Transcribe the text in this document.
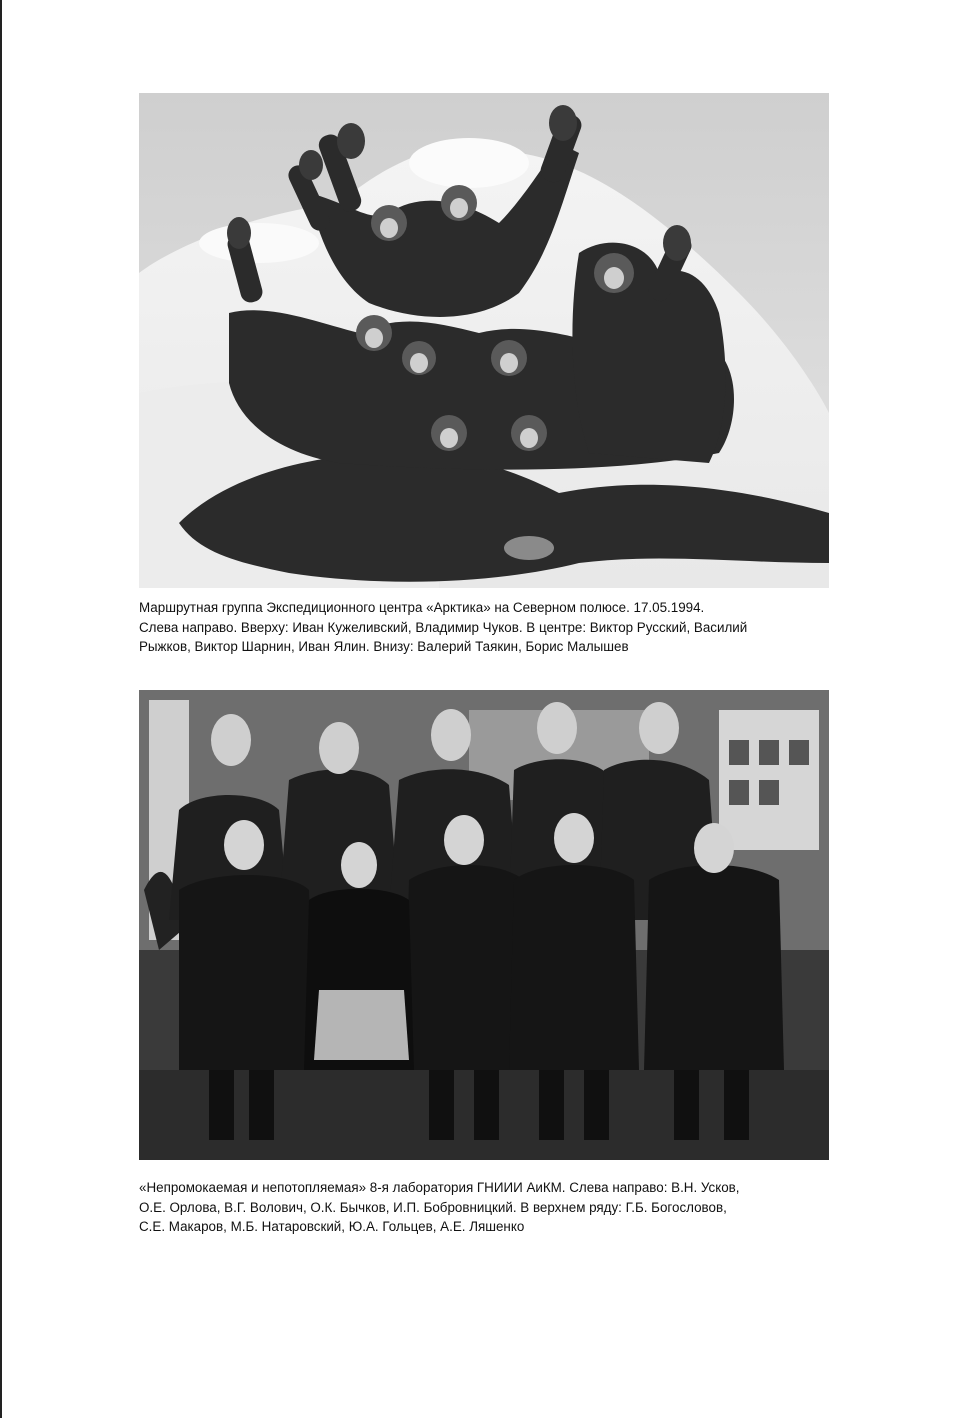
Маршрутная группа Экспедиционного центра «Арктика» на Северном полюсе. 17.05.1994.
Слева направо. Вверху: Иван Кужеливский, Владимир Чуков. В центре: Виктор Русский, Василий
Рыжков, Виктор Шарнин, Иван Ялин. Внизу: Валерий Таякин, Борис Малышев

«Непромокаемая и непотопляемая» 8-я лаборатория ГНИИИ АиКМ. Слева направо: В.Н. Усков,
О.Е. Орлова, В.Г. Волович, О.К. Бычков, И.П. Бобровницкий. В верхнем ряду: Г.Б. Богословов,
С.Е. Макаров, М.Б. Натаровский, Ю.А. Гольцев, А.Е. Ляшенко
